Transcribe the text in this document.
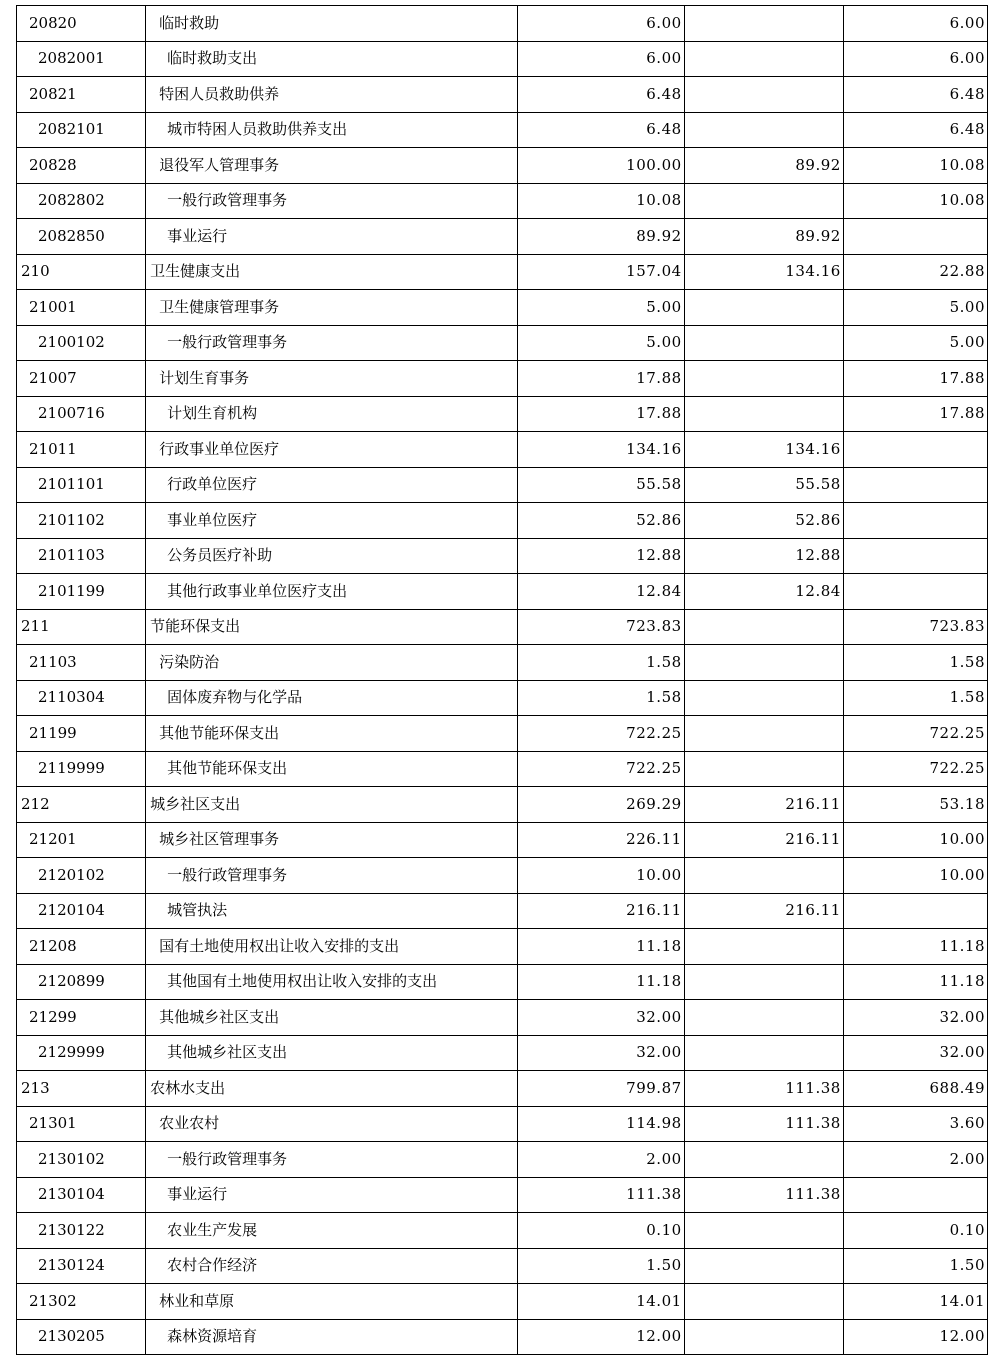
20820	临时救助	6.00		6.00
2082001	临时救助支出	6.00		6.00
20821	特困人员救助供养	6.48		6.48
2082101	城市特困人员救助供养支出	6.48		6.48
20828	退役军人管理事务	100.00	89.92	10.08
2082802	一般行政管理事务	10.08		10.08
2082850	事业运行	89.92	89.92	
210	卫生健康支出	157.04	134.16	22.88
21001	卫生健康管理事务	5.00		5.00
2100102	一般行政管理事务	5.00		5.00
21007	计划生育事务	17.88		17.88
2100716	计划生育机构	17.88		17.88
21011	行政事业单位医疗	134.16	134.16	
2101101	行政单位医疗	55.58	55.58	
2101102	事业单位医疗	52.86	52.86	
2101103	公务员医疗补助	12.88	12.88	
2101199	其他行政事业单位医疗支出	12.84	12.84	
211	节能环保支出	723.83		723.83
21103	污染防治	1.58		1.58
2110304	固体废弃物与化学品	1.58		1.58
21199	其他节能环保支出	722.25		722.25
2119999	其他节能环保支出	722.25		722.25
212	城乡社区支出	269.29	216.11	53.18
21201	城乡社区管理事务	226.11	216.11	10.00
2120102	一般行政管理事务	10.00		10.00
2120104	城管执法	216.11	216.11	
21208	国有土地使用权出让收入安排的支出	11.18		11.18
2120899	其他国有土地使用权出让收入安排的支出	11.18		11.18
21299	其他城乡社区支出	32.00		32.00
2129999	其他城乡社区支出	32.00		32.00
213	农林水支出	799.87	111.38	688.49
21301	农业农村	114.98	111.38	3.60
2130102	一般行政管理事务	2.00		2.00
2130104	事业运行	111.38	111.38	
2130122	农业生产发展	0.10		0.10
2130124	农村合作经济	1.50		1.50
21302	林业和草原	14.01		14.01
2130205	森林资源培育	12.00		12.00
